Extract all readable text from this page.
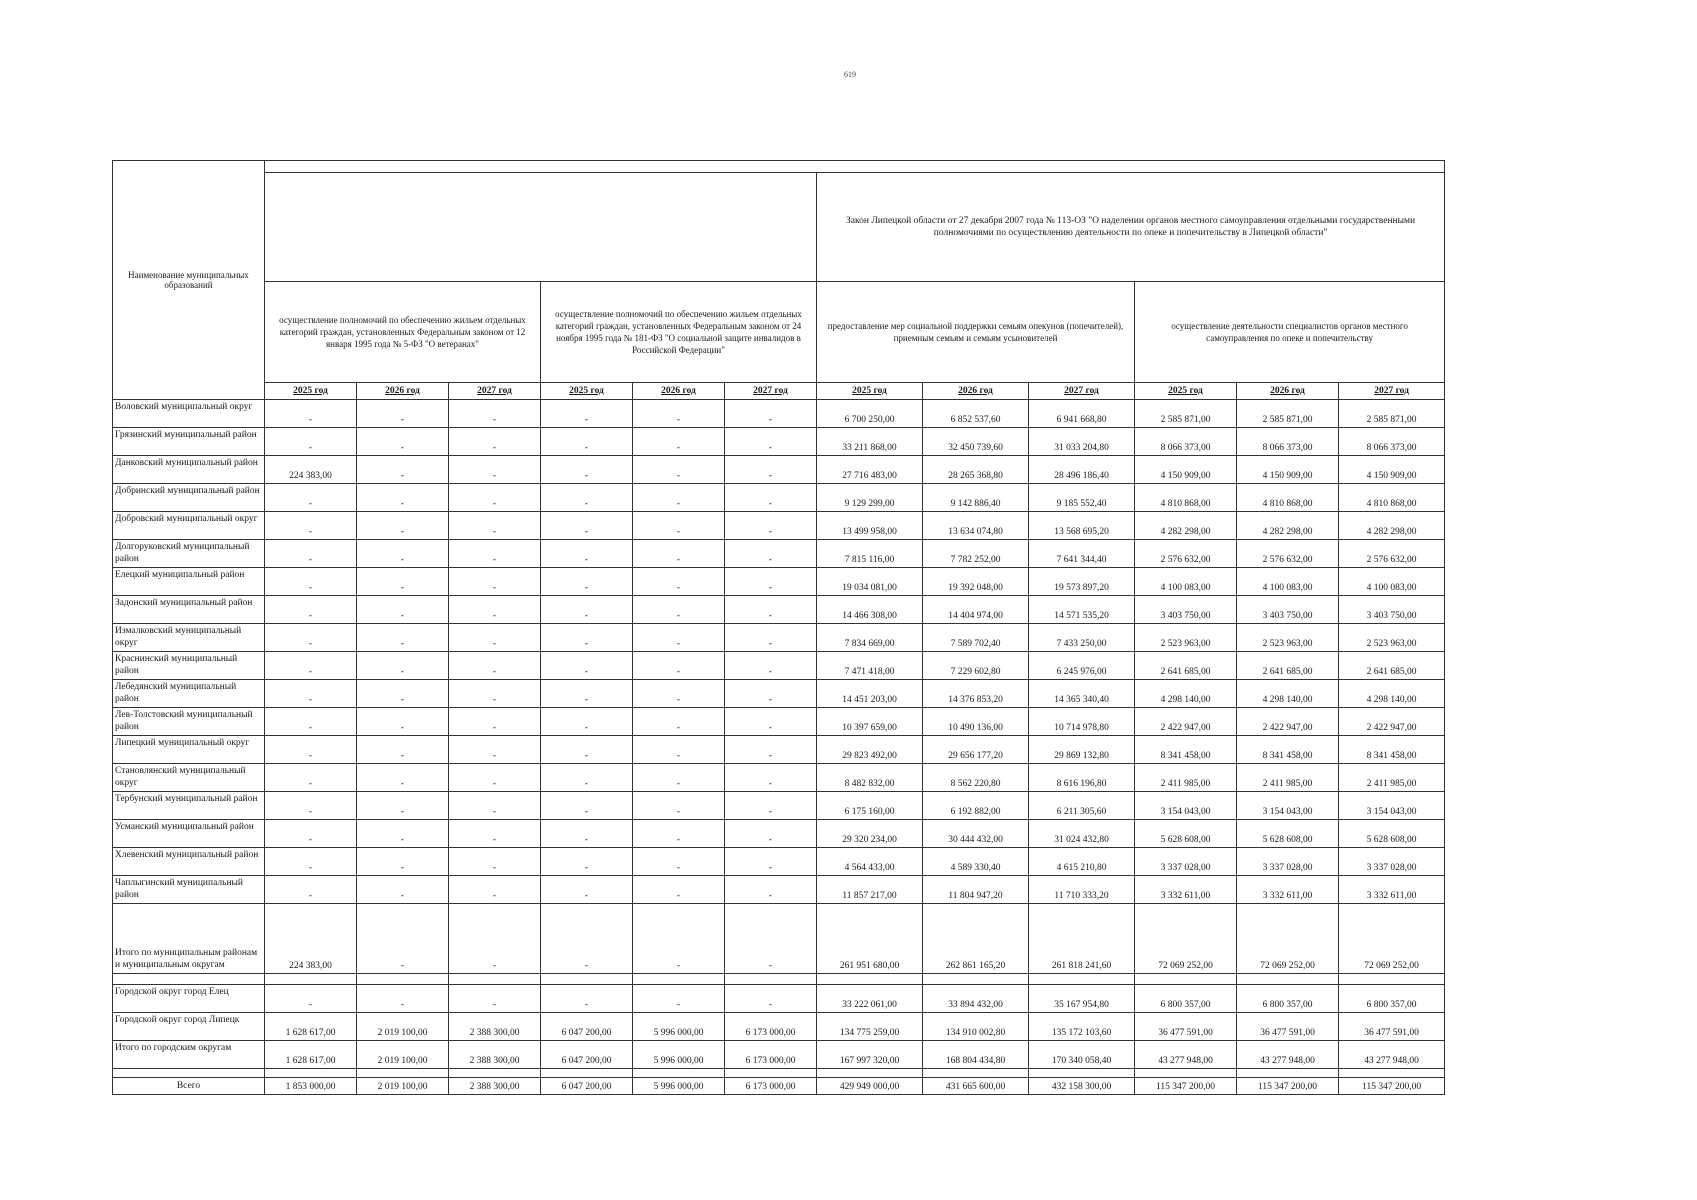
619
Наименование муниципальных образований												
							Закон Липецкой области от 27 декабря 2007 года № 113-ОЗ "О наделении органов местного самоуправления отдельными государственными полномочиями по осуществлению деятельности по опеке и попечительству в Липецкой области"					
	осуществление полномочий по обеспечению жильем отдельных категорий граждан, установленных Федеральным законом от 12 января 1995 года № 5-ФЗ "О ветеранах"			осуществление полномочий по обеспечению жильем отдельных категорий граждан, установленных Федеральным законом от 24 ноября 1995 года № 181-ФЗ "О социальной защите инвалидов в Российской Федерации"			предоставление мер социальной поддержки семьям опекунов (попечителей), приемным семьям и семьям усыновителей			осуществление деятельности специалистов органов местного самоуправления по опеке и попечительству		
	2025 год	2026 год	2027 год	2025 год	2026 год	2027 год	2025 год	2026 год	2027 год	2025 год	2026 год	2027 год
Воловский муниципальный округ	-	-	-	-	-	-	6 700 250,00	6 852 537,60	6 941 668,80	2 585 871,00	2 585 871,00	2 585 871,00
Грязинский муниципальный район	-	-	-	-	-	-	33 211 868,00	32 450 739,60	31 033 204,80	8 066 373,00	8 066 373,00	8 066 373,00
Данковский муниципальный район	224 383,00	-	-	-	-	-	27 716 483,00	28 265 368,80	28 496 186,40	4 150 909,00	4 150 909,00	4 150 909,00
Добринский муниципальный район	-	-	-	-	-	-	9 129 299,00	9 142 886,40	9 185 552,40	4 810 868,00	4 810 868,00	4 810 868,00
Добровский муниципальный округ	-	-	-	-	-	-	13 499 958,00	13 634 074,80	13 568 695,20	4 282 298,00	4 282 298,00	4 282 298,00
Долгоруковский муниципальный район	-	-	-	-	-	-	7 815 116,00	7 782 252,00	7 641 344,40	2 576 632,00	2 576 632,00	2 576 632,00
Елецкий муниципальный район	-	-	-	-	-	-	19 034 081,00	19 392 048,00	19 573 897,20	4 100 083,00	4 100 083,00	4 100 083,00
Задонский муниципальный район	-	-	-	-	-	-	14 466 308,00	14 404 974,00	14 571 535,20	3 403 750,00	3 403 750,00	3 403 750,00
Измалковский муниципальный округ	-	-	-	-	-	-	7 834 669,00	7 589 702,40	7 433 250,00	2 523 963,00	2 523 963,00	2 523 963,00
Краснинский муниципальный район	-	-	-	-	-	-	7 471 418,00	7 229 602,80	6 245 976,00	2 641 685,00	2 641 685,00	2 641 685,00
Лебедянский муниципальный район	-	-	-	-	-	-	14 451 203,00	14 376 853,20	14 365 340,40	4 298 140,00	4 298 140,00	4 298 140,00
Лев-Толстовский муниципальный район	-	-	-	-	-	-	10 397 659,00	10 490 136,00	10 714 978,80	2 422 947,00	2 422 947,00	2 422 947,00
Липецкий муниципальный округ	-	-	-	-	-	-	29 823 492,00	29 656 177,20	29 869 132,80	8 341 458,00	8 341 458,00	8 341 458,00
Становлянский муниципальный округ	-	-	-	-	-	-	8 482 832,00	8 562 220,80	8 616 196,80	2 411 985,00	2 411 985,00	2 411 985,00
Тербунский муниципальный район	-	-	-	-	-	-	6 175 160,00	6 192 882,00	6 211 305,60	3 154 043,00	3 154 043,00	3 154 043,00
Усманский муниципальный район	-	-	-	-	-	-	29 320 234,00	30 444 432,00	31 024 432,80	5 628 608,00	5 628 608,00	5 628 608,00
Хлевенский муниципальный район	-	-	-	-	-	-	4 564 433,00	4 589 330,40	4 615 210,80	3 337 028,00	3 337 028,00	3 337 028,00
Чаплыгинский муниципальный район	-	-	-	-	-	-	11 857 217,00	11 804 947,20	11 710 333,20	3 332 611,00	3 332 611,00	3 332 611,00
Итого по муниципальным районам и муниципальным округам	224 383,00	-	-	-	-	-	261 951 680,00	262 861 165,20	261 818 241,60	72 069 252,00	72 069 252,00	72 069 252,00

Городской округ город Елец	-	-	-	-	-	-	33 222 061,00	33 894 432,00	35 167 954,80	6 800 357,00	6 800 357,00	6 800 357,00
Городской округ город Липецк	1 628 617,00	2 019 100,00	2 388 300,00	6 047 200,00	5 996 000,00	6 173 000,00	134 775 259,00	134 910 002,80	135 172 103,60	36 477 591,00	36 477 591,00	36 477 591,00
Итого по городским округам	1 628 617,00	2 019 100,00	2 388 300,00	6 047 200,00	5 996 000,00	6 173 000,00	167 997 320,00	168 804 434,80	170 340 058,40	43 277 948,00	43 277 948,00	43 277 948,00

Всего	1 853 000,00	2 019 100,00	2 388 300,00	6 047 200,00	5 996 000,00	6 173 000,00	429 949 000,00	431 665 600,00	432 158 300,00	115 347 200,00	115 347 200,00	115 347 200,00
